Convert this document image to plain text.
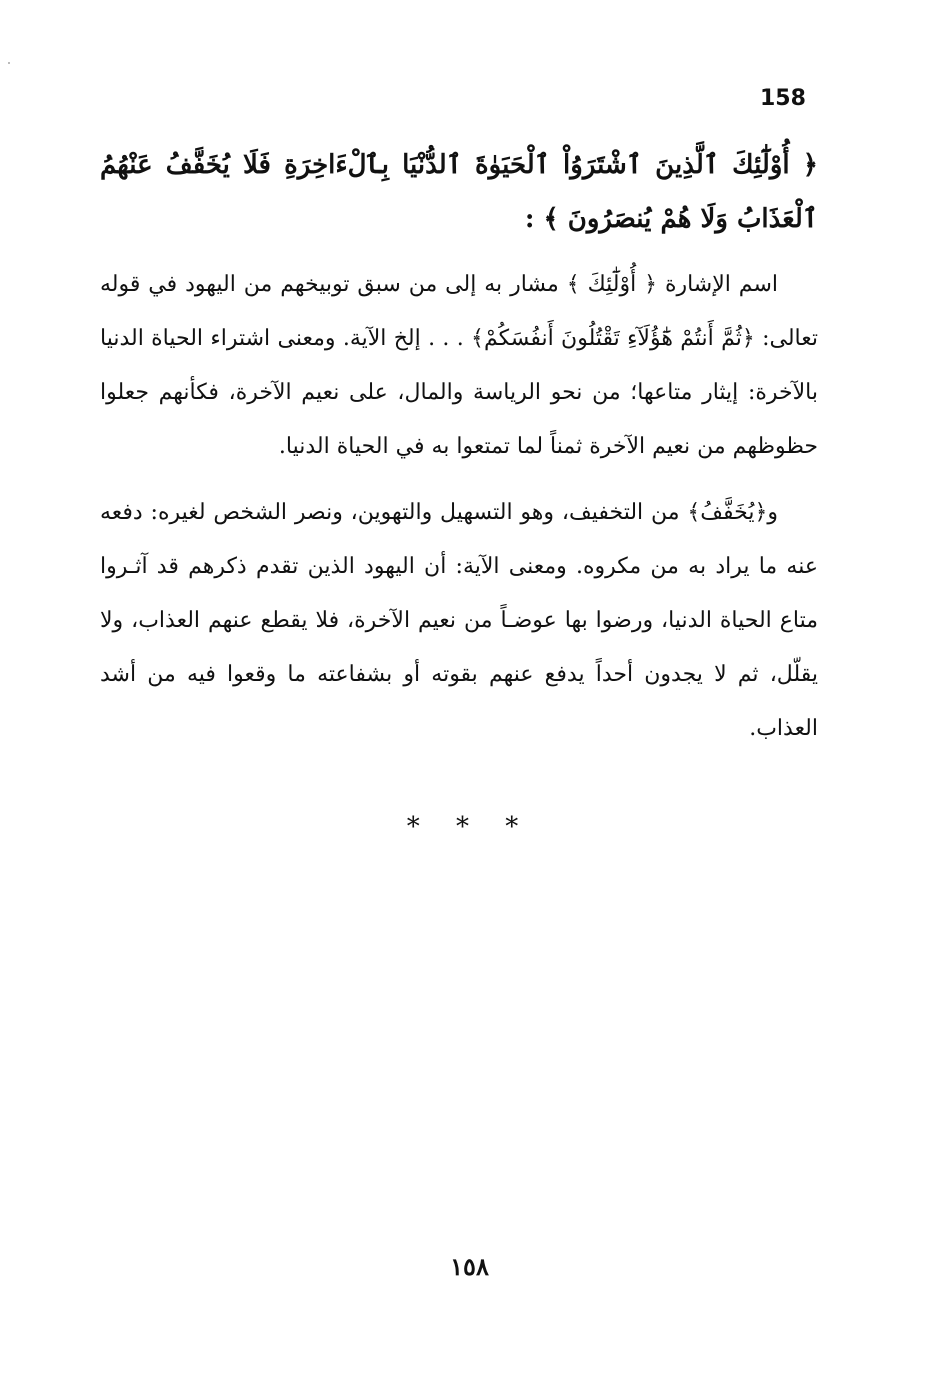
158

﴿ أُوْلَٰٓئِكَ ٱلَّذِينَ ٱشْتَرَوُاْ ٱلْحَيَوٰةَ ٱلدُّنْيَا بِٱلْءَاخِرَةِ فَلَا يُخَفَّفُ عَنْهُمُ ٱلْعَذَابُ وَلَا هُمْ يُنصَرُونَ ﴾ :

اسم الإشارة ﴿ أُوْلَٰٓئِكَ ﴾ مشار به إلى من سبق توبيخهم من اليهود في قوله تعالى: ﴿ثُمَّ أَنتُمْ هَٰٓؤُلَآءِ تَقْتُلُونَ أَنفُسَكُمْ﴾ . . . إلخ الآية. ومعنى اشتراء الحياة الدنيا بالآخرة: إيثار متاعها؛ من نحو الرياسة والمال، على نعيم الآخرة، فكأنهم جعلوا حظوظهم من نعيم الآخرة ثمناً لما تمتعوا به في الحياة الدنيا.

و﴿يُخَفَّفُ﴾ من التخفيف، وهو التسهيل والتهوين، ونصر الشخص لغيره: دفعه عنه ما يراد به من مكروه. ومعنى الآية: أن اليهود الذين تقدم ذكرهم قد آثـروا متاع الحياة الدنيا، ورضوا بها عوضـاً من نعيم الآخرة، فلا يقطع عنهم العذاب، ولا يقلّل، ثم لا يجدون أحداً يدفع عنهم بقوته أو بشفاعته ما وقعوا فيه من أشد العذاب.

* * *
١٥٨
